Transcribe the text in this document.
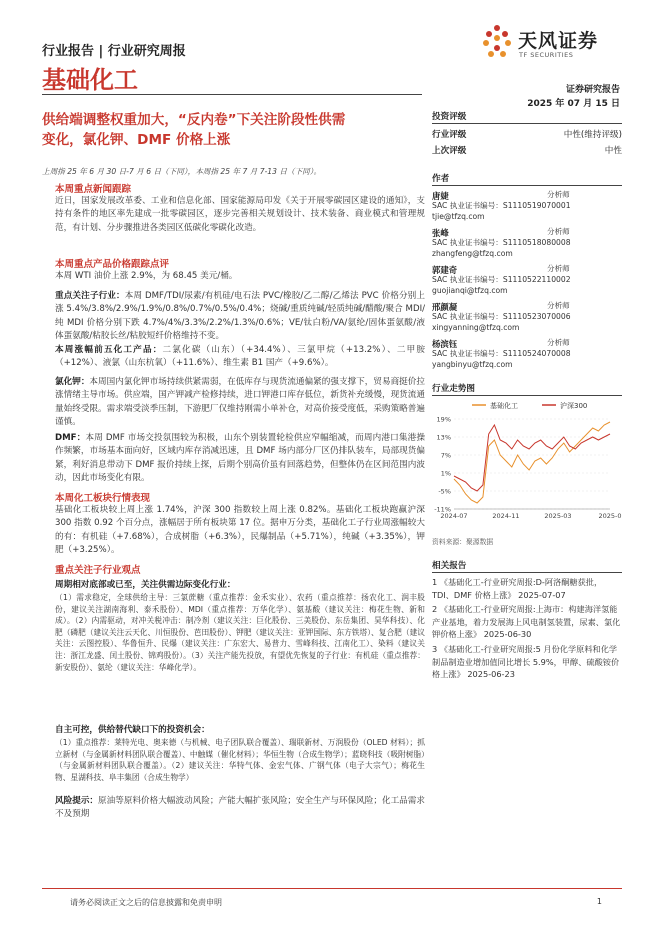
行业报告 | 行业研究周报
基础化工
天风证券
TF SECURITIES
证券研究报告
2025 年 07 月 15 日
供给端调整权重加大，“反内卷”下关注阶段性供需
变化，氯化钾、DMF 价格上涨
上周指 25 年 6 月 30 日-7 月 6 日（下同），本周指 25 年 7 月 7-13 日（下同）。
本周重点新闻跟踪
近日，国家发展改革委、工业和信息化部、国家能源局印发《关于开展零碳园区建设的通知》，支持有条件的地区率先建成一批零碳园区，逐步完善相关规划设计、技术装备、商业模式和管理规范，有计划、分步骤推进各类园区低碳化零碳化改造。
本周重点产品价格跟踪点评
本周 WTI 油价上涨 2.9%，为 68.45 美元/桶。
重点关注子行业：本周 DMF/TDI/尿素/有机硅/电石法 PVC/橡胶/乙二醇/乙烯法 PVC 价格分别上涨 5.4%/3.8%/2.9%/1.9%/0.8%/0.7%/0.5%/0.4%；烧碱/重质纯碱/轻质纯碱/醋酸/聚合 MDI/纯 MDI 价格分别下跌 4.7%/4%/3.3%/2.2%/1.3%/0.6%；VE/钛白粉/VA/氨纶/固体蛋氨酸/液体蛋氨酸/粘胶长丝/粘胶短纤价格维持不变。
本周涨幅前五化工产品：二氯化碳（山东）（+34.4%）、三氯甲烷（+13.2%）、二甲胺（+12%）、液氯（山东杭氧）（+11.6%）、维生素 B1 国产（+9.6%）。
氯化钾：本周国内氯化钾市场持续供紧需弱，在低库存与现货流通偏紧的强支撑下，贸易商挺价拉涨情绪主导市场。供应端，国产钾减产检修持续，进口钾港口库存低位，新货补充缓慢，现货流通量始终受限。需求端受淡季压制，下游肥厂仅维持刚需小单补仓，对高价接受度低，采购策略普遍谨慎。
DMF：本周 DMF 市场交投氛围较为积极，山东个别装置轮检供应窄幅缩减，而周内港口集港操作频繁，市场基本面向好，区域内库存消减迅速，且 DMF 场内部分厂区仍排队装车，局部现货偏紧，利好消息带动下 DMF 报价持续上探，后期个别高价虽有回落趋势，但整体仍在区间范围内波动，因此市场变化有限。
本周化工板块行情表现
基础化工板块较上周上涨 1.74%，沪深 300 指数较上周上涨 0.82%。基础化工板块跑赢沪深 300 指数 0.92 个百分点，涨幅居于所有板块第 17 位。据申万分类，基础化工子行业周涨幅较大的有：有机硅（+7.68%），合成树脂（+6.3%），民爆制品（+5.71%），纯碱（+3.35%），钾肥（+3.25%）。
重点关注子行业观点
周期相对底部或已至，关注供需边际变化行业：
（1）需求稳定，全球供给主导：三氯蔗糖（重点推荐：金禾实业）、农药（重点推荐：扬农化工、润丰股份，建议关注湖南海利、泰禾股份）、MDI（重点推荐：万华化学）、氨基酸（建议关注：梅花生物、新和成）。（2）内需驱动，对冲关税冲击：制冷剂（建议关注：巨化股份、三美股份、东岳集团、昊华科技）、化肥（磷肥（建议关注云天化、川恒股份、芭田股份）、钾肥（建议关注：亚钾国际、东方铁塔）、复合肥（建议关注：云图控股）、华鲁恒升、民爆（建议关注：广东宏大、易普力、雪峰科技、江南化工）、染料（建议关注：浙江龙盛、闰土股份、锦鸡股份）。（3）关注产能先投放，有望优先恢复的子行业：有机硅（重点推荐：新安股份）、氨纶（建议关注：华峰化学）。
自主可控，供给替代缺口下的投资机会：
（1）重点推荐：莱特光电、奥来德（与机械、电子团队联合覆盖）、瑞联新材、万润股份（OLED 材料）；抓立新材（与金属新材料团队联合覆盖）、中触媒（催化材料）；华恒生物（合成生物学）；蓝晓科技（吸附树脂）（与金属新材料团队联合覆盖）。（2）建议关注：华特气体、金宏气体、广钢气体（电子大宗气）；梅花生物、星湖科技、阜丰集团（合成生物学）
风险提示：原油等原料价格大幅波动风险；产能大幅扩张风险；安全生产与环保风险；化工品需求不及预期
投资评级
行业评级	中性(维持评级)
上次评级	中性
作者
唐婕	分析师
SAC 执业证书编号：S1110519070001
tjie@tfzq.com
张峰	分析师
SAC 执业证书编号：S1110518080008
zhangfeng@tfzq.com
郭建奇	分析师
SAC 执业证书编号：S1110522110002
guojianqi@tfzq.com
邢颜凝	分析师
SAC 执业证书编号：S1110523070006
xingyanning@tfzq.com
杨滨钰	分析师
SAC 执业证书编号：S1110524070008
yangbinyu@tfzq.com
行业走势图
基础化工	沪深300
19%
13%
7%
1%
-5%
-11%
2024-07	2024-11	2025-03	2025-0
资料来源：聚源数据
相关报告
1 《基础化工-行业研究周报:D-阿洛酮糖获批，TDI、DMF 价格上涨》 2025-07-07
2 《基础化工-行业研究周报:上海市：构建海洋氢能产业基地，着力发展海上风电制氢装置，尿素、氯化钾价格上涨》 2025-06-30
3 《基础化工-行业研究周报:5 月份化学原料和化学制品制造业增加值同比增长 5.9%，甲醇、硫酸铵价格上涨》 2025-06-23
请务必阅读正文之后的信息披露和免责申明	1
